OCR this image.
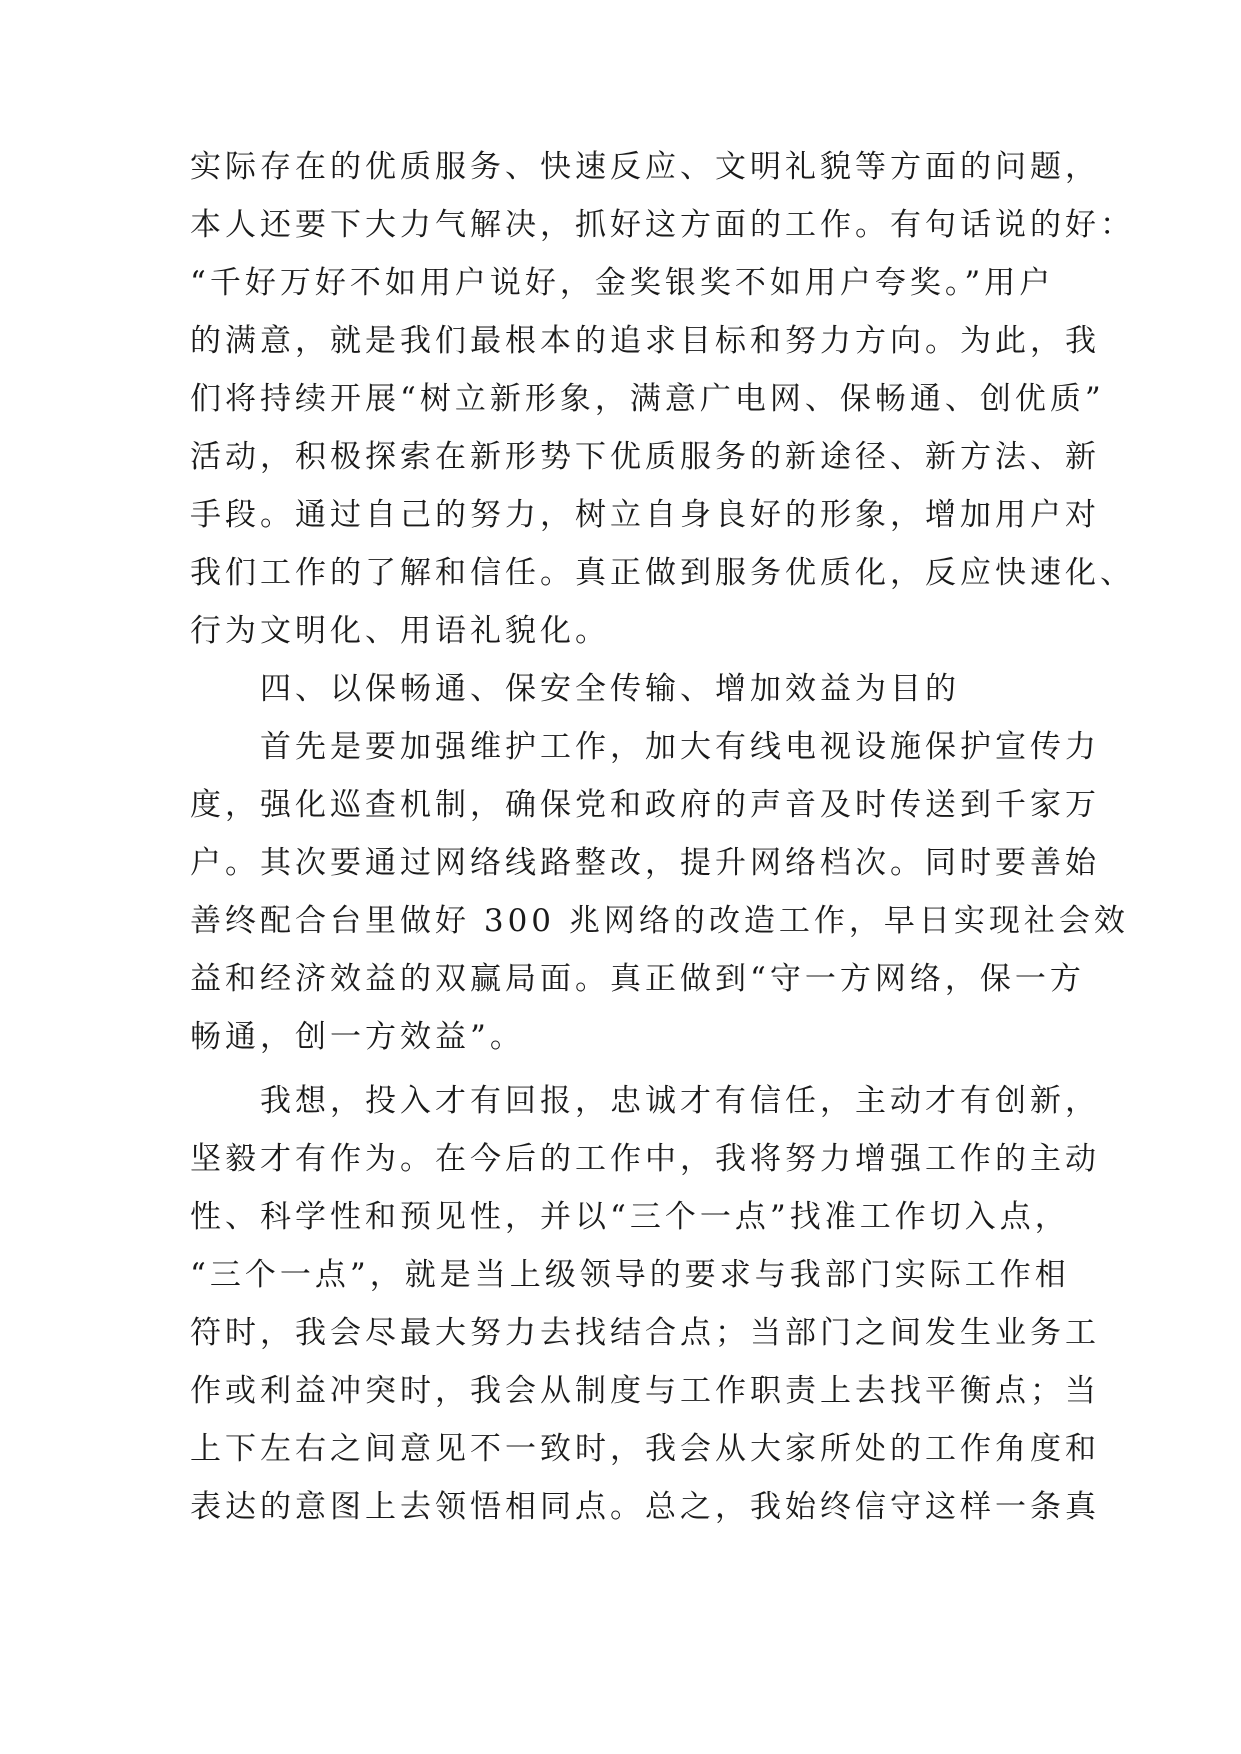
实际存在的优质服务、快速反应、文明礼貌等方面的问题，
本人还要下大力气解决，抓好这方面的工作。有句话说的好：
“千好万好不如用户说好，金奖银奖不如用户夸奖。”用户
的满意，就是我们最根本的追求目标和努力方向。为此，我
们将持续开展“树立新形象，满意广电网、保畅通、创优质”
活动，积极探索在新形势下优质服务的新途径、新方法、新
手段。通过自己的努力，树立自身良好的形象，增加用户对
我们工作的了解和信任。真正做到服务优质化，反应快速化、
行为文明化、用语礼貌化。
四、以保畅通、保安全传输、增加效益为目的
首先是要加强维护工作，加大有线电视设施保护宣传力
度，强化巡查机制，确保党和政府的声音及时传送到千家万
户。其次要通过网络线路整改，提升网络档次。同时要善始
善终配合台里做好 300 兆网络的改造工作，早日实现社会效
益和经济效益的双赢局面。真正做到“守一方网络，保一方
畅通，创一方效益”。
我想，投入才有回报，忠诚才有信任，主动才有创新，
坚毅才有作为。在今后的工作中，我将努力增强工作的主动
性、科学性和预见性，并以“三个一点”找准工作切入点，
“三个一点”，就是当上级领导的要求与我部门实际工作相
符时，我会尽最大努力去找结合点；当部门之间发生业务工
作或利益冲突时，我会从制度与工作职责上去找平衡点；当
上下左右之间意见不一致时，我会从大家所处的工作角度和
表达的意图上去领悟相同点。总之，我始终信守这样一条真
